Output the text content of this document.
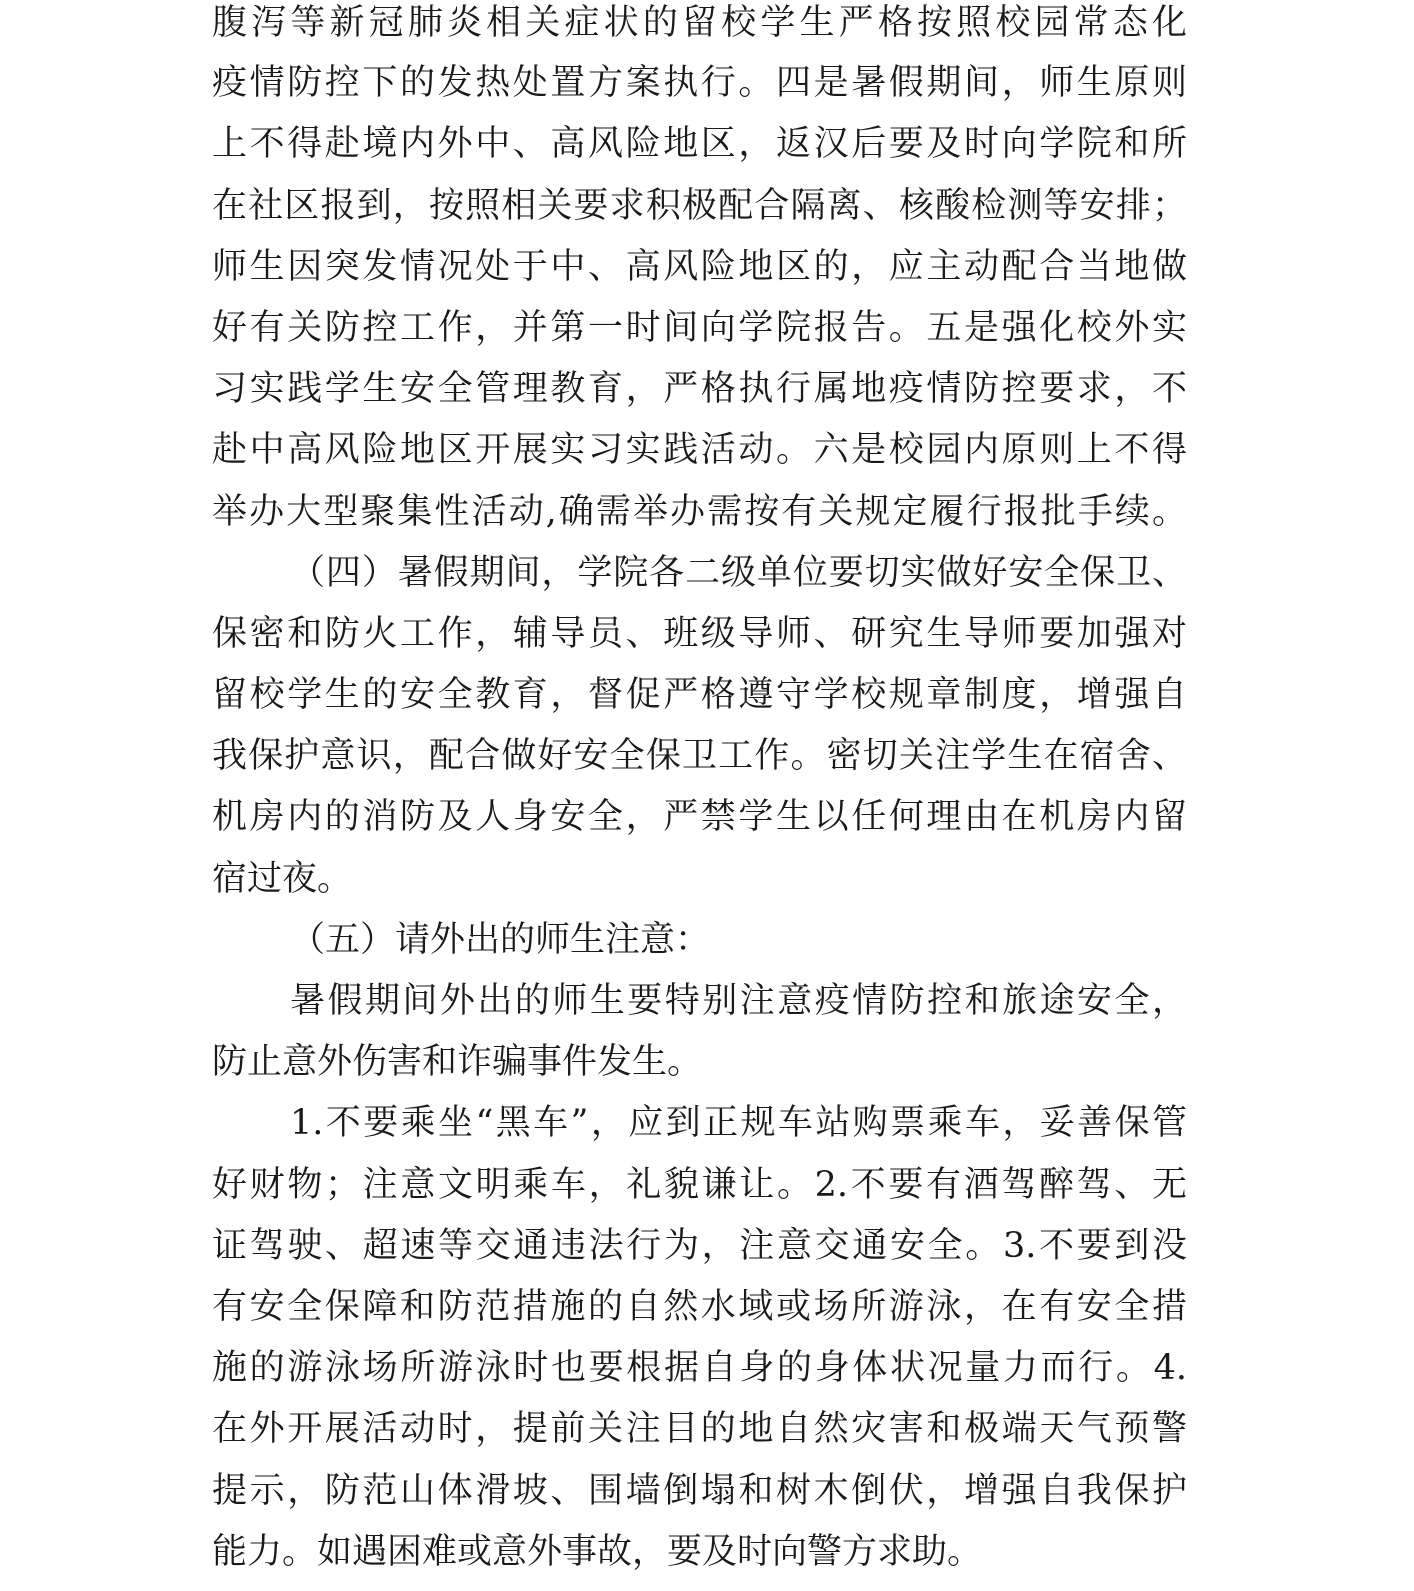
腹泻等新冠肺炎相关症状的留校学生严格按照校园常态化
疫情防控下的发热处置方案执行。四是暑假期间，师生原则
上不得赴境内外中、高风险地区，返汉后要及时向学院和所
在社区报到，按照相关要求积极配合隔离、核酸检测等安排；
师生因突发情况处于中、高风险地区的，应主动配合当地做
好有关防控工作，并第一时间向学院报告。五是强化校外实
习实践学生安全管理教育，严格执行属地疫情防控要求，不
赴中高风险地区开展实习实践活动。六是校园内原则上不得
举办大型聚集性活动,确需举办需按有关规定履行报批手续。
（四）暑假期间，学院各二级单位要切实做好安全保卫、
保密和防火工作，辅导员、班级导师、研究生导师要加强对
留校学生的安全教育，督促严格遵守学校规章制度，增强自
我保护意识，配合做好安全保卫工作。密切关注学生在宿舍、
机房内的消防及人身安全，严禁学生以任何理由在机房内留
宿过夜。
（五）请外出的师生注意：
暑假期间外出的师生要特别注意疫情防控和旅途安全，
防止意外伤害和诈骗事件发生。
1.不要乘坐“黑车”，应到正规车站购票乘车，妥善保管
好财物；注意文明乘车，礼貌谦让。2.不要有酒驾醉驾、无
证驾驶、超速等交通违法行为，注意交通安全。3.不要到没
有安全保障和防范措施的自然水域或场所游泳，在有安全措
施的游泳场所游泳时也要根据自身的身体状况量力而行。4.
在外开展活动时，提前关注目的地自然灾害和极端天气预警
提示，防范山体滑坡、围墙倒塌和树木倒伏，增强自我保护
能力。如遇困难或意外事故，要及时向警方求助。
